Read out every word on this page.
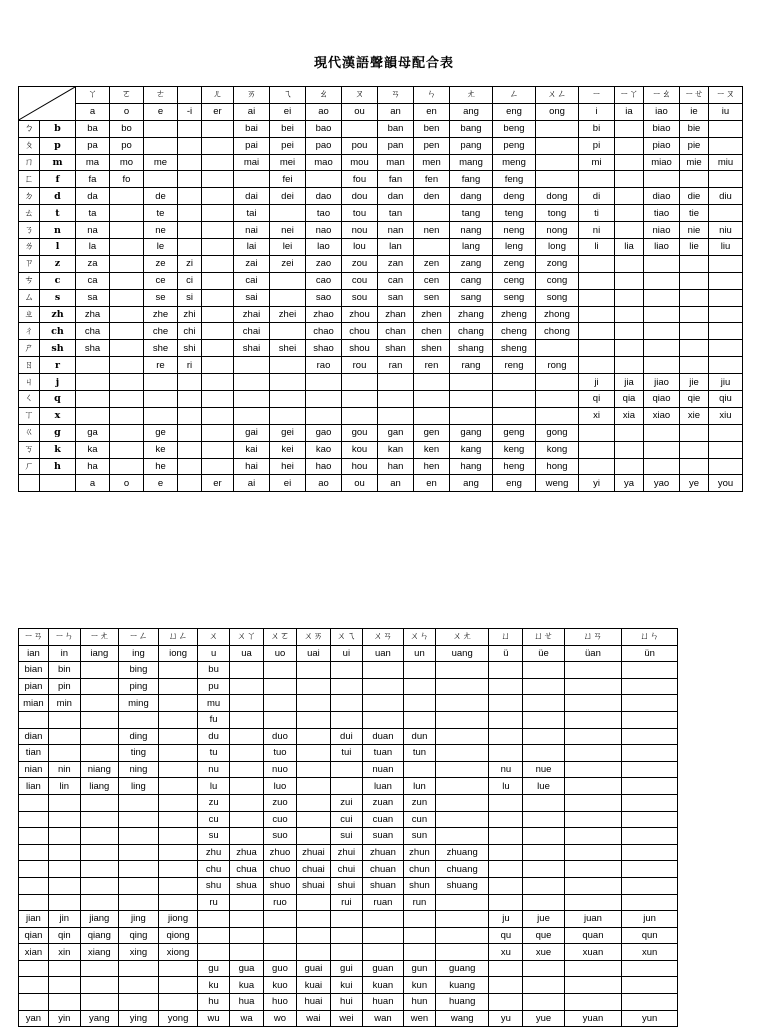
現代漢語聲韻母配合表
	ㄚ	ㄛ	ㄜ		ㄦ	ㄞ	ㄟ	ㄠ	ㄡ	ㄢ	ㄣ	ㄤ	ㄥ	ㄨㄥ	ㄧ	ㄧㄚ	ㄧㄠ	ㄧㄝ	ㄧㄡ
		a	o	e	-i	er	ai	ei	ao	ou	an	en	ang	eng	ong	i	ia	iao	ie	iu
ㄅ	b	ba	bo				bai	bei	bao		ban	ben	bang	beng		bi		biao	bie	
ㄆ	p	pa	po				pai	pei	pao	pou	pan	pen	pang	peng		pi		piao	pie	
ㄇ	m	ma	mo	me			mai	mei	mao	mou	man	men	mang	meng		mi		miao	mie	miu
ㄈ	f	fa	fo					fei		fou	fan	fen	fang	feng						
ㄉ	d	da		de			dai	dei	dao	dou	dan	den	dang	deng	dong	di		diao	die	diu
ㄊ	t	ta		te			tai		tao	tou	tan		tang	teng	tong	ti		tiao	tie	
ㄋ	n	na		ne			nai	nei	nao	nou	nan	nen	nang	neng	nong	ni		niao	nie	niu
ㄌ	l	la		le			lai	lei	lao	lou	lan		lang	leng	long	li	lia	liao	lie	liu
ㄗ	z	za		ze	zi		zai	zei	zao	zou	zan	zen	zang	zeng	zong					
ㄘ	c	ca		ce	ci		cai		cao	cou	can	cen	cang	ceng	cong					
ㄙ	s	sa		se	si		sai		sao	sou	san	sen	sang	seng	song					
ㄓ	zh	zha		zhe	zhi		zhai	zhei	zhao	zhou	zhan	zhen	zhang	zheng	zhong					
ㄔ	ch	cha		che	chi		chai		chao	chou	chan	chen	chang	cheng	chong					
ㄕ	sh	sha		she	shi		shai	shei	shao	shou	shan	shen	shang	sheng						
ㄖ	r			re	ri				rao	rou	ran	ren	rang	reng	rong					
ㄐ	j															ji	jia	jiao	jie	jiu
ㄑ	q															qi	qia	qiao	qie	qiu
ㄒ	x															xi	xia	xiao	xie	xiu
ㄍ	g	ga		ge			gai	gei	gao	gou	gan	gen	gang	geng	gong					
ㄎ	k	ka		ke			kai	kei	kao	kou	kan	ken	kang	keng	kong					
ㄏ	h	ha		he			hai	hei	hao	hou	han	hen	hang	heng	hong					
		a	o	e		er	ai	ei	ao	ou	an	en	ang	eng	weng	yi	ya	yao	ye	you
ㄧㄢ	ㄧㄣ	ㄧㄤ	ㄧㄥ	ㄩㄥ	ㄨ	ㄨㄚ	ㄨㄛ	ㄨㄞ	ㄨㄟ	ㄨㄢ	ㄨㄣ	ㄨㄤ	ㄩ	ㄩㄝ	ㄩㄢ	ㄩㄣ
ian	in	iang	ing	iong	u	ua	uo	uai	ui	uan	un	uang	ü	üe	üan	ün
bian	bin		bing		bu											
pian	pin		ping		pu											
mian	min		ming		mu											
					fu											
dian			ding		du		duo		dui	duan	dun					
tian			ting		tu		tuo		tui	tuan	tun					
nian	nin	niang	ning		nu		nuo			nuan			nu	nue		
lian	lin	liang	ling		lu		luo			luan	lun		lu	lue		
					zu		zuo		zui	zuan	zun					
					cu		cuo		cui	cuan	cun					
					su		suo		sui	suan	sun					
					zhu	zhua	zhuo	zhuai	zhui	zhuan	zhun	zhuang				
					chu	chua	chuo	chuai	chui	chuan	chun	chuang				
					shu	shua	shuo	shuai	shui	shuan	shun	shuang				
					ru		ruo		rui	ruan	run					
jian	jin	jiang	jing	jiong									ju	jue	juan	jun
qian	qin	qiang	qing	qiong									qu	que	quan	qun
xian	xin	xiang	xing	xiong									xu	xue	xuan	xun
					gu	gua	guo	guai	gui	guan	gun	guang				
					ku	kua	kuo	kuai	kui	kuan	kun	kuang				
					hu	hua	huo	huai	hui	huan	hun	huang				
yan	yin	yang	ying	yong	wu	wa	wo	wai	wei	wan	wen	wang	yu	yue	yuan	yun
